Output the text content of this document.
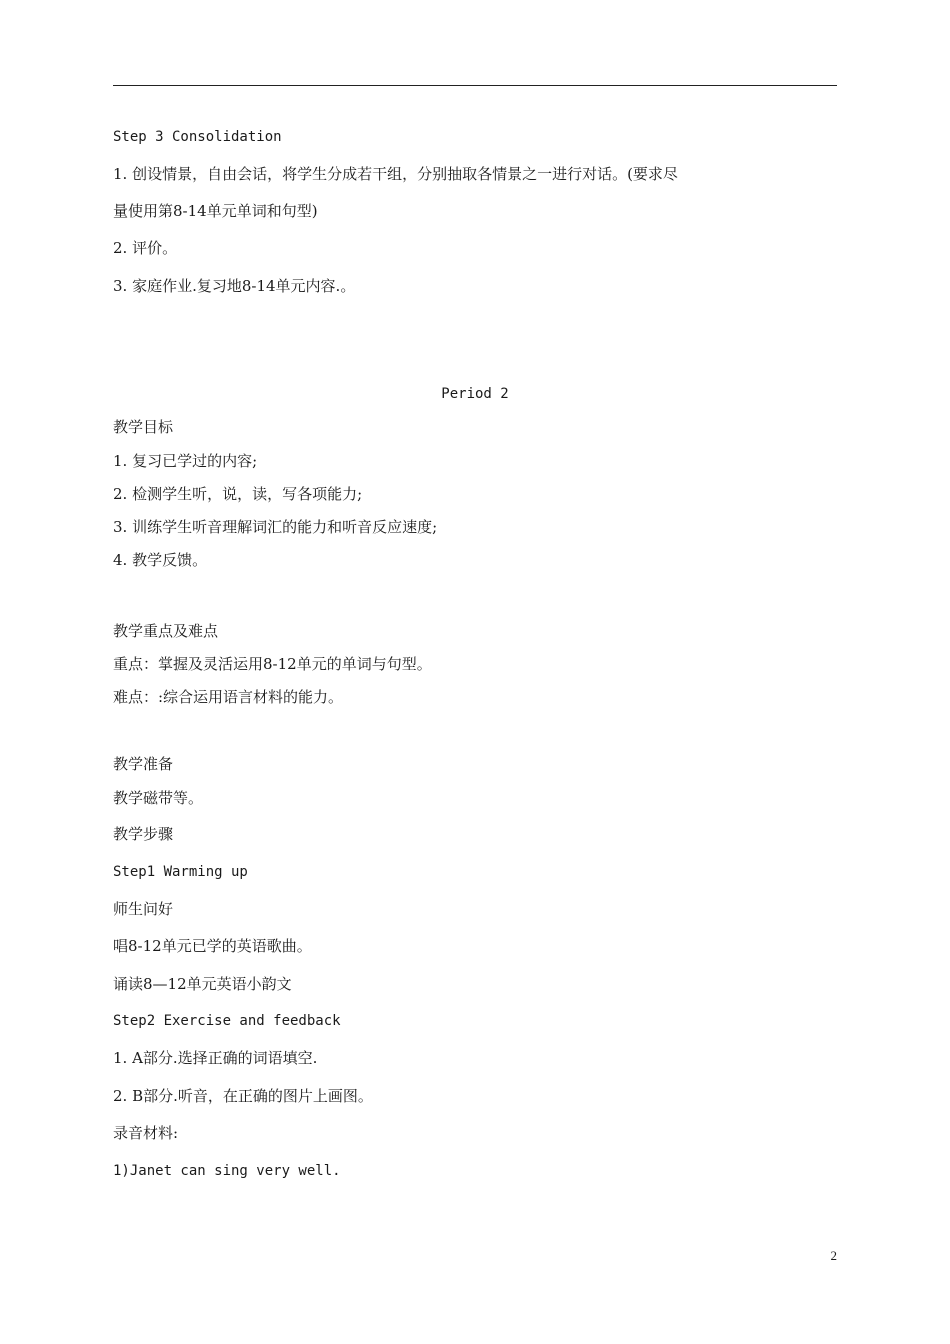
Step 3 Consolidation
1. 创设情景，自由会话，将学生分成若干组，分别抽取各情景之一进行对话。(要求尽
量使用第8-14单元单词和句型)
2. 评价。
3. 家庭作业.复习地8-14单元内容.。
Period 2
教学目标
1. 复习已学过的内容;
2. 检测学生听，说，读，写各项能力;
3. 训练学生听音理解词汇的能力和听音反应速度;
4. 教学反馈。
教学重点及难点
重点：掌握及灵活运用8-12单元的单词与句型。
难点：:综合运用语言材料的能力。
教学准备
教学磁带等。
教学步骤
Step1 Warming up
师生问好
唱8-12单元已学的英语歌曲。
诵读8—12单元英语小韵文
Step2 Exercise and feedback
1. A部分.选择正确的词语填空.
2. B部分.听音，在正确的图片上画图。
录音材料:
1)Janet can sing very well.
2
